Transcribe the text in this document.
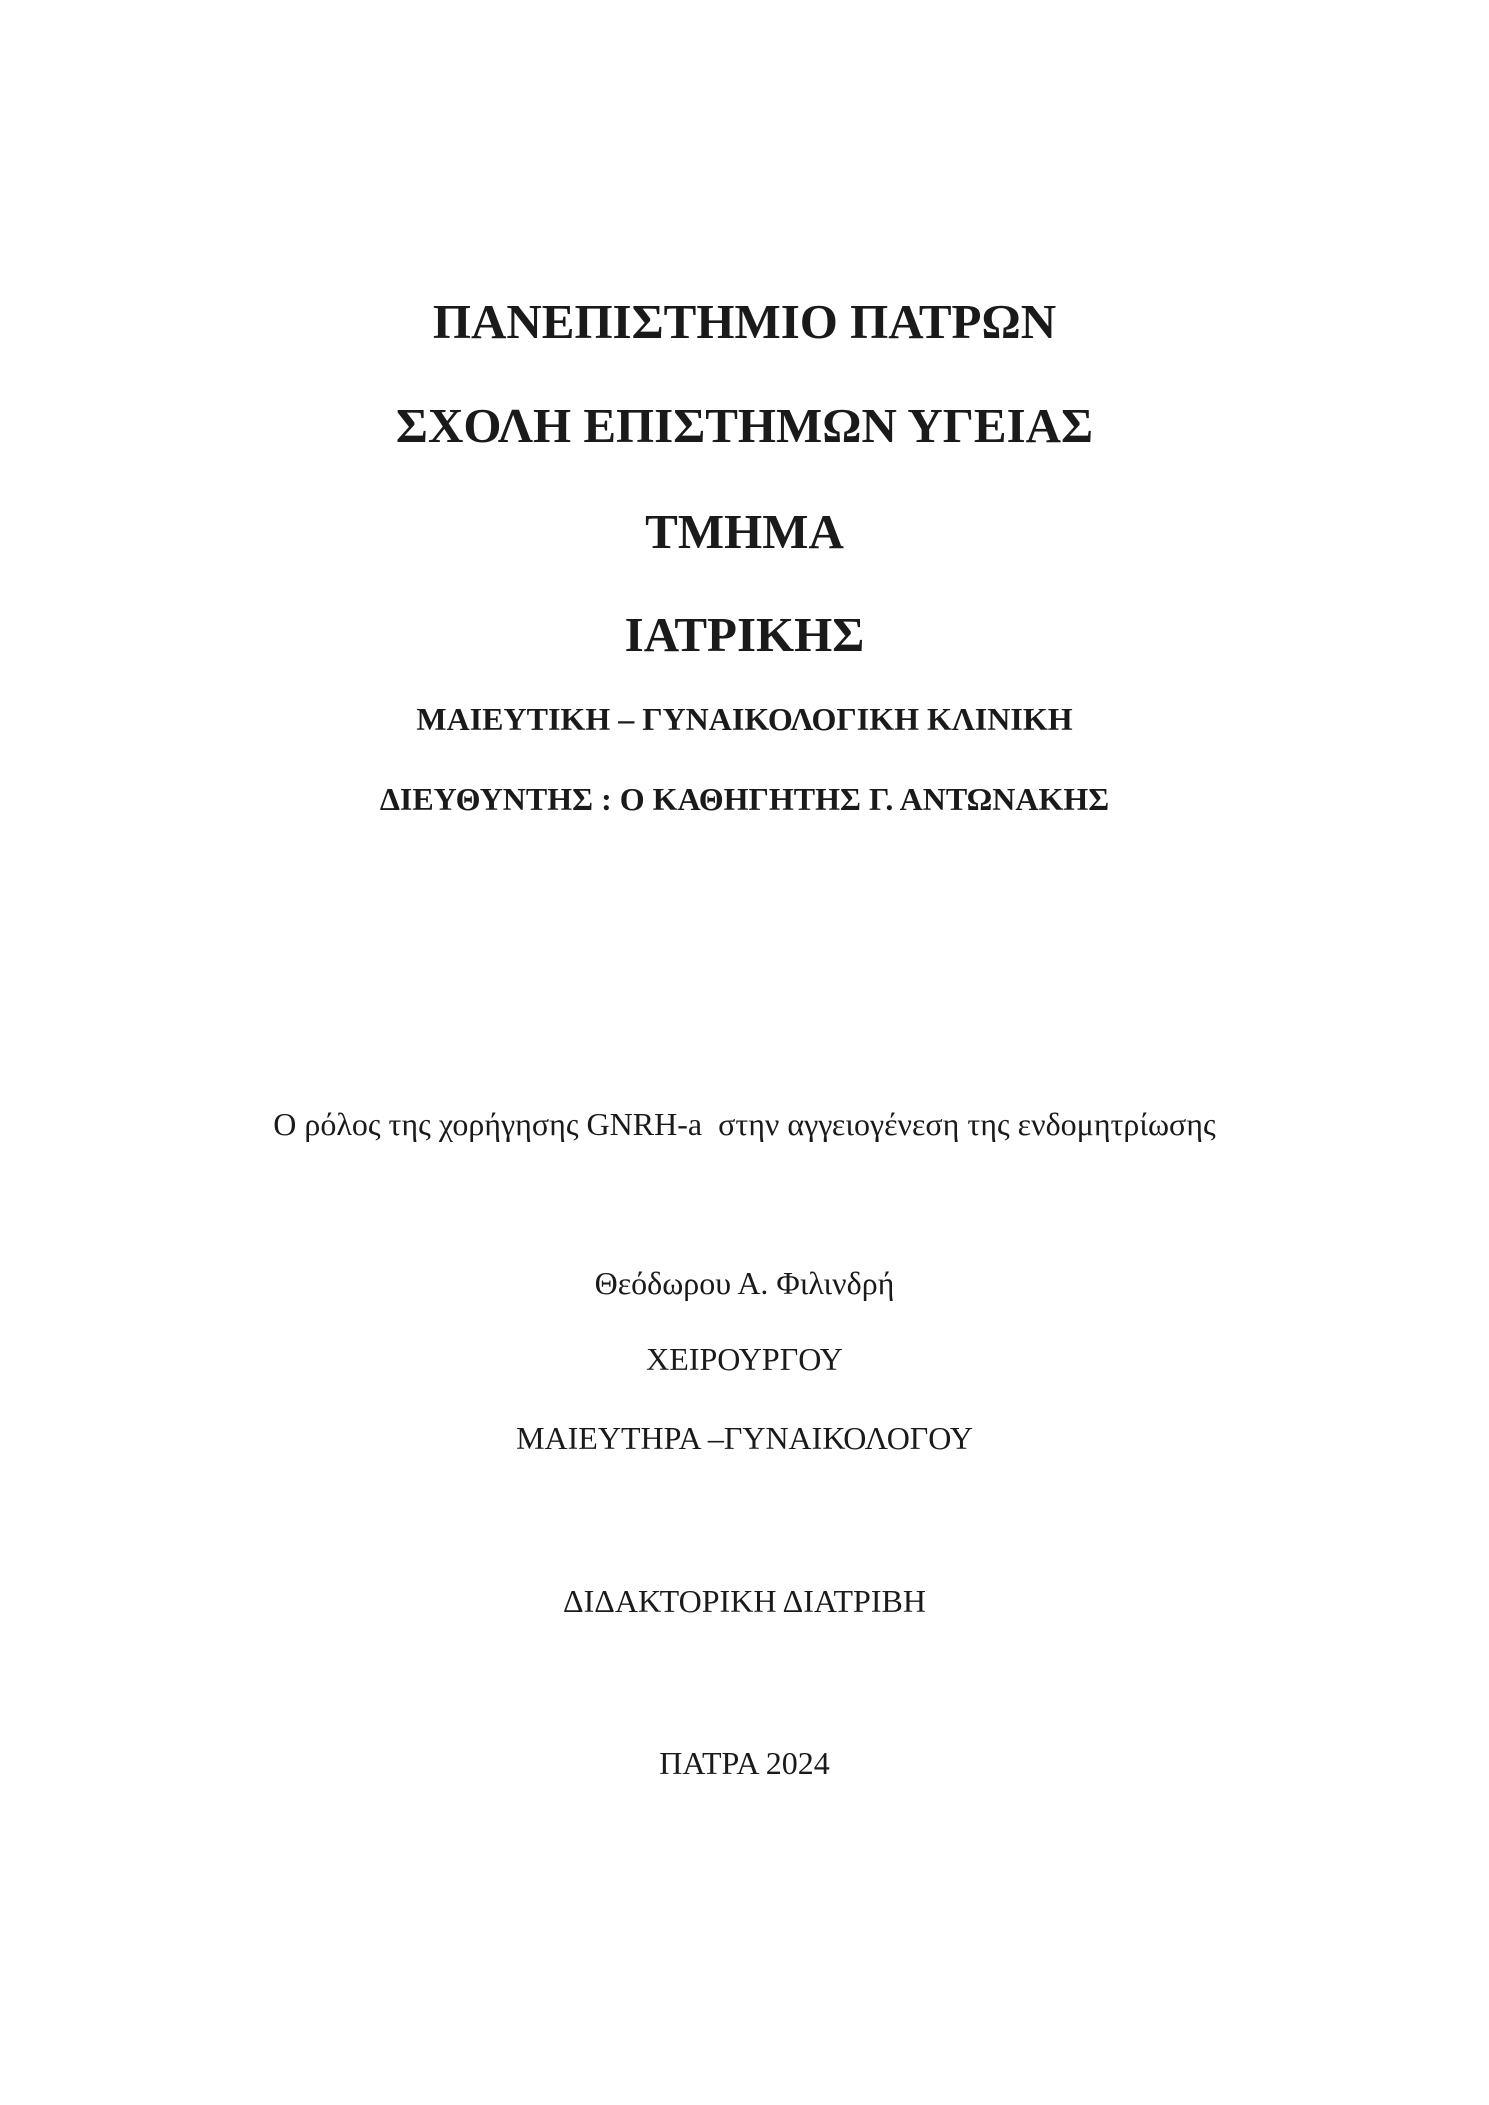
ΠΑΝΕΠΙΣΤΗΜΙΟ ΠΑΤΡΩΝ
ΣΧΟΛΗ ΕΠΙΣΤΗΜΩΝ ΥΓΕΙΑΣ
ΤΜΗΜΑ
ΙΑΤΡΙΚΗΣ
ΜΑΙΕΥΤΙΚΗ – ΓΥΝΑΙΚΟΛΟΓΙΚΗ ΚΛΙΝΙΚΗ
ΔΙΕΥΘΥΝΤΗΣ : Ο ΚΑΘΗΓΗΤΗΣ Γ. ΑΝΤΩΝΑΚΗΣ
Ο ρόλος της χορήγησης GNRH-a  στην αγγειογένεση της ενδομητρίωσης
Θεόδωρου Α. Φιλινδρή
ΧΕΙΡΟΥΡΓΟΥ
ΜΑΙΕΥΤΗΡΑ –ΓΥΝΑΙΚΟΛΟΓΟΥ
ΔΙΔΑΚΤΟΡΙΚΗ ΔΙΑΤΡΙΒΗ
ΠΑΤΡΑ 2024
